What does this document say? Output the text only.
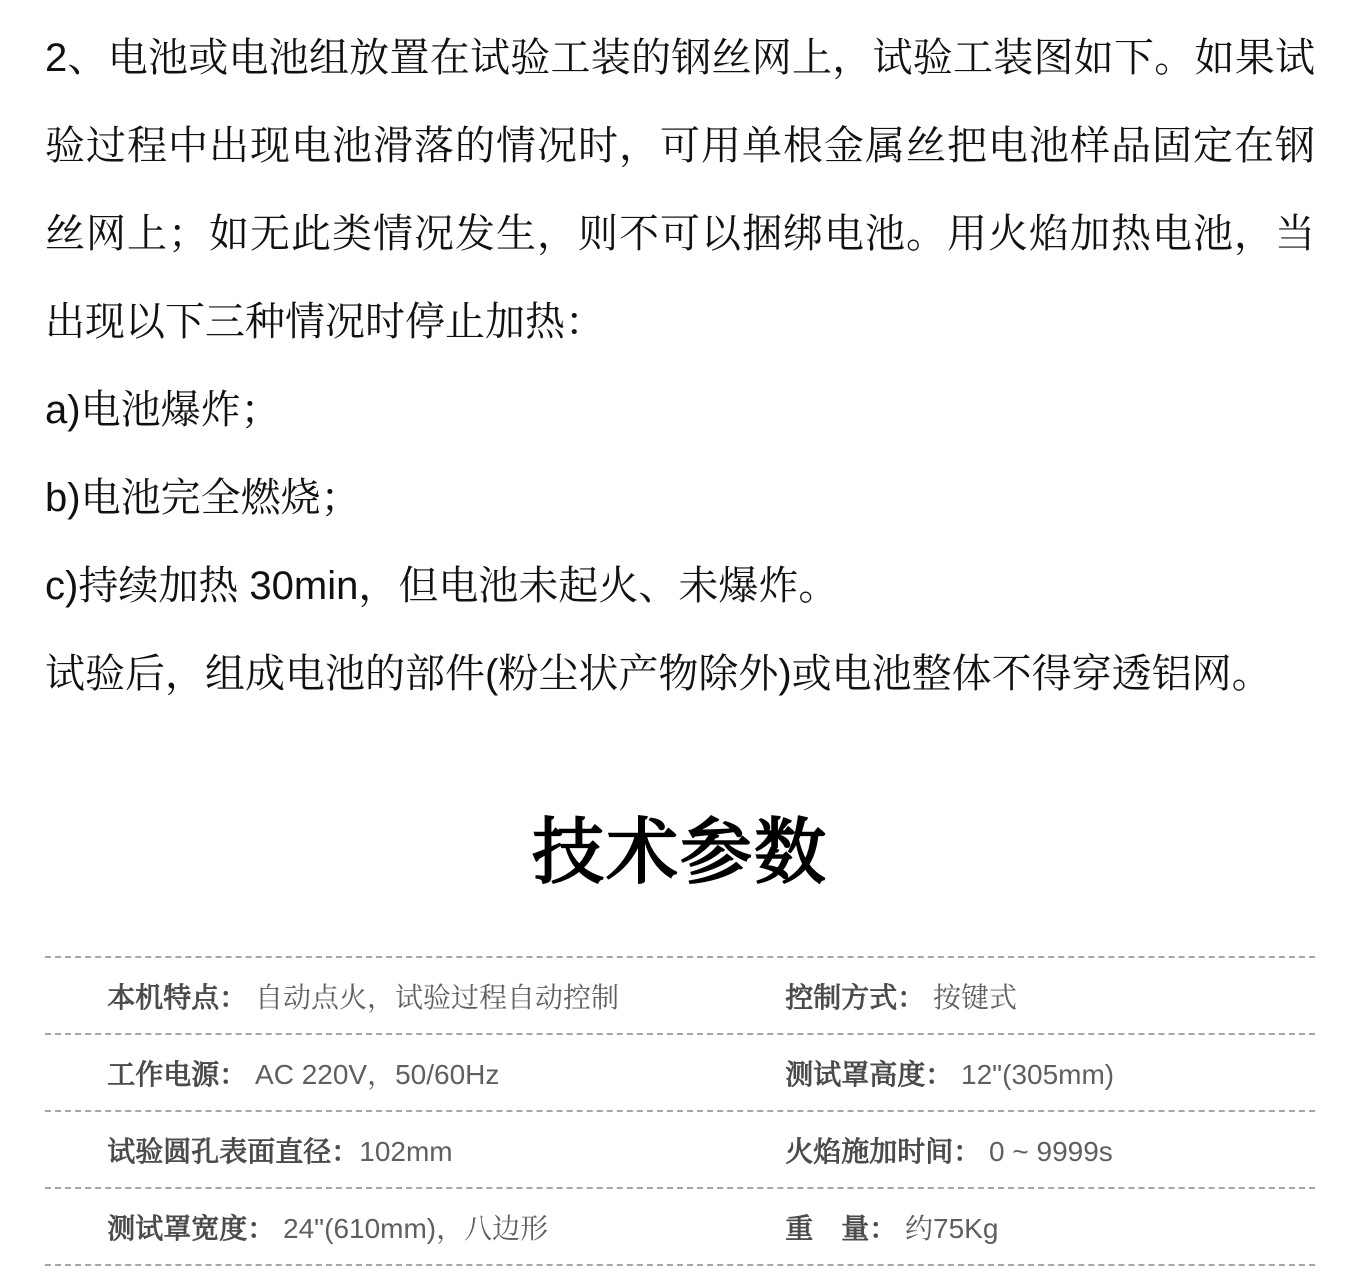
2、电池或电池组放置在试验工装的钢丝网上，试验工装图如下。如果试验过程中出现电池滑落的情况时，可用单根金属丝把电池样品固定在钢丝网上；如无此类情况发生，则不可以捆绑电池。用火焰加热电池，当出现以下三种情况时停止加热：

a)电池爆炸；

b)电池完全燃烧；

c)持续加热 30min，但电池未起火、未爆炸。

试验后，组成电池的部件(粉尘状产物除外)或电池整体不得穿透铝网。

技术参数

本机特点： 自动点火，试验过程自动控制
	控制方式： 按键式

工作电源： AC 220V，50/60Hz
	测试罩高度： 12"(305mm)

试验圆孔表面直径：102mm
	火焰施加时间： 0 ~ 9999s

测试罩宽度： 24"(610mm)，八边形
	重　量： 约75Kg
